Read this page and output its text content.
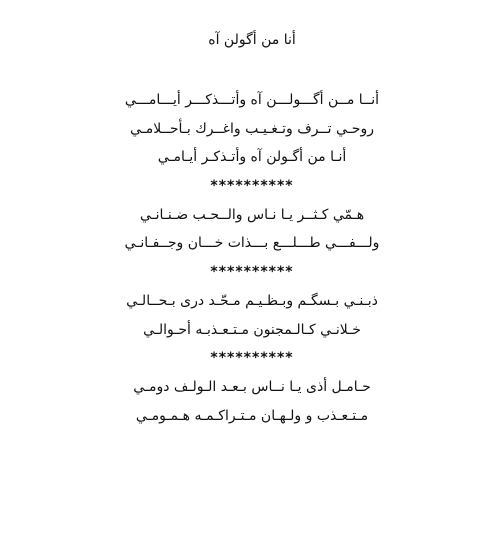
أنا من أگولن آه
أنــا مــن أگـــولـــن آه وأتـــذكـــر أيـــامـــي
روحـي تــرف وتـغـيـب واغــرك بـأحــلامـي
أنـا من أگـولن آه وأتـذكـر أيـامـي
**********
هـمّي كـثــر يـا نـاس والــحـب ضـنـانـي
ولـــفـــي طـــلـــع بـــذات خـــان وجــفـانـي
**********
ذبـنـي بـسگـم وبـظـيـم مـحّـد درى بـحــالـي
خـلانـي كـالـمجنون مـتـعـذبـه أحـوالـي
**********
حـامـل أذى يـا نــاس بـعـد الـولـف دومـي
مـتـعـذب و ولـهـان مـتـراكـمـه هـمـومـي
